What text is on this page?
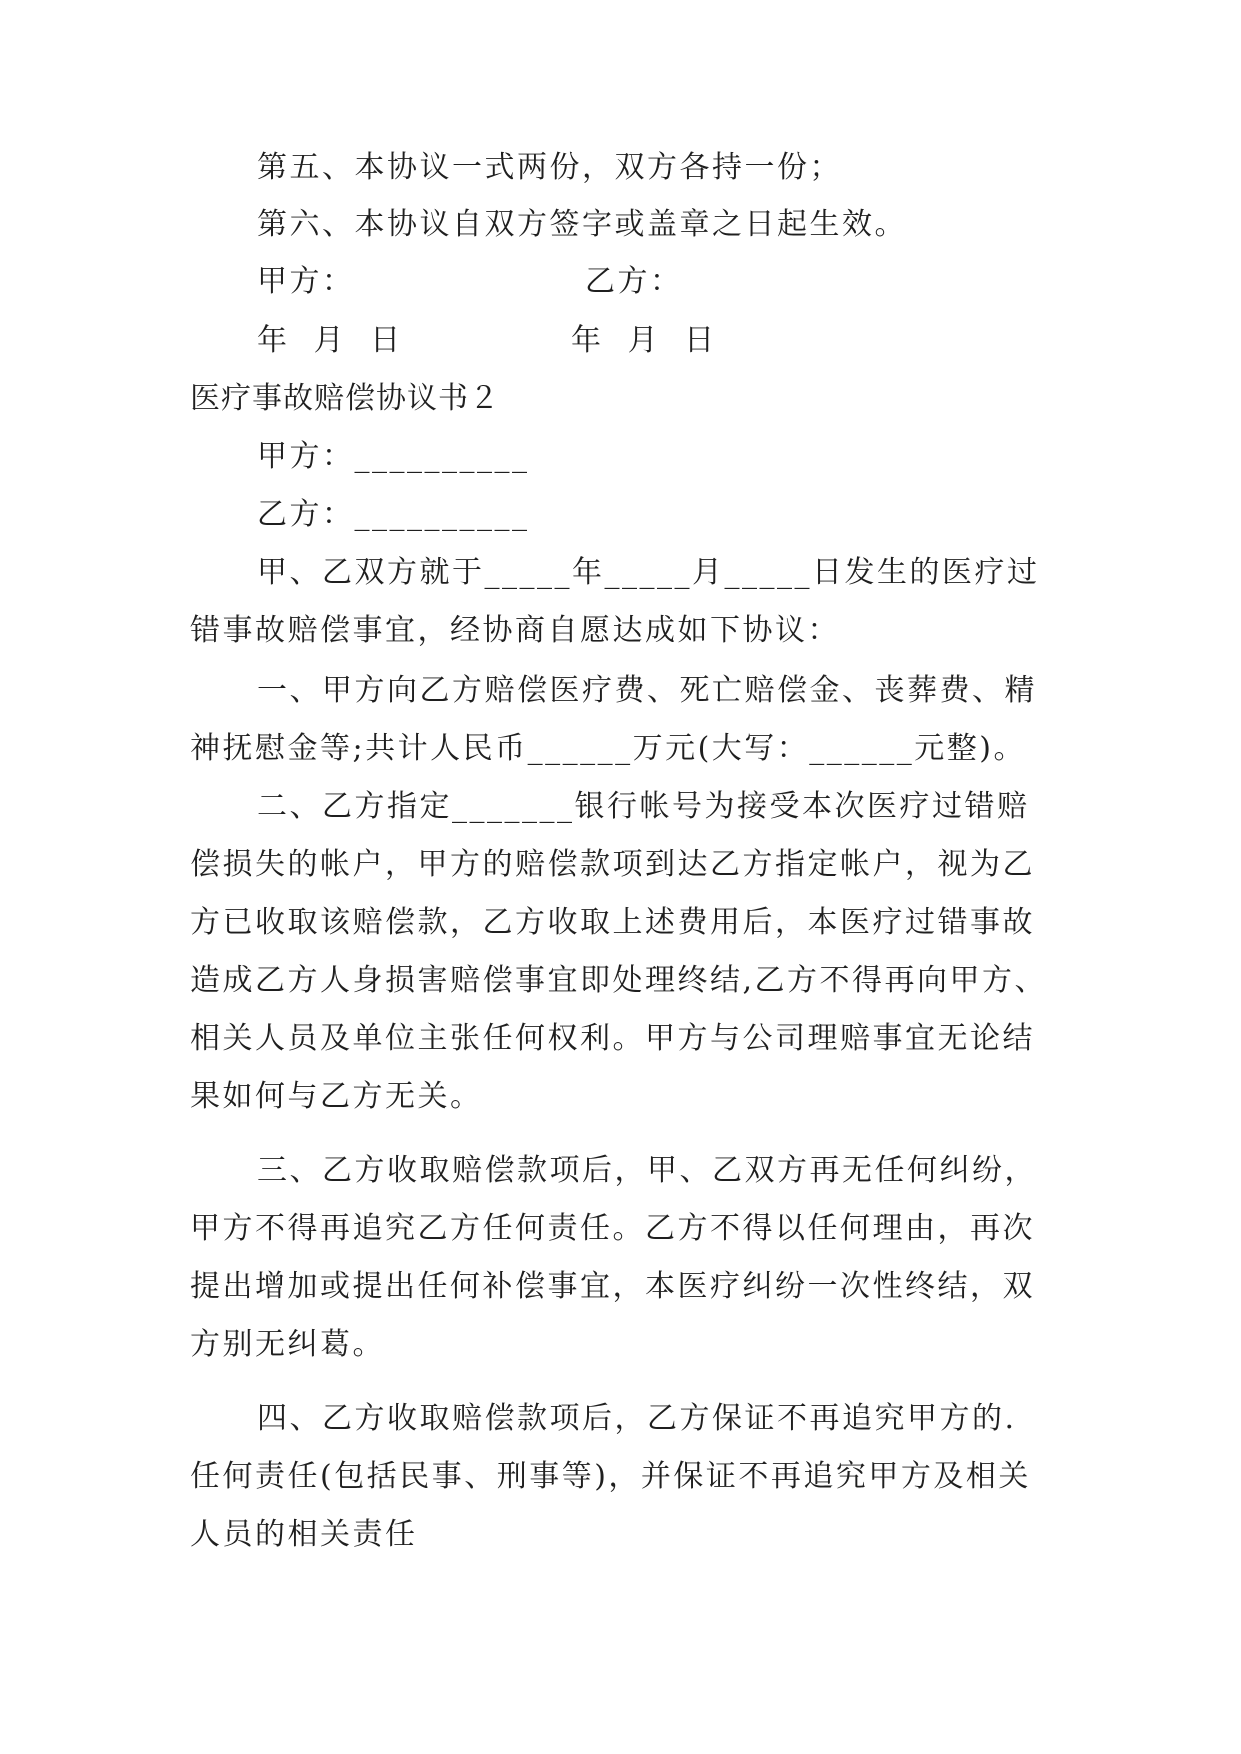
第五、本协议一式两份，双方各持一份；
第六、本协议自双方签字或盖章之日起生效。
甲方：	乙方：
年  月  日	年  月  日
医疗事故赔偿协议书２
甲方：__________
乙方：__________
甲、乙双方就于_____年_____月_____日发生的医疗过
错事故赔偿事宜，经协商自愿达成如下协议：
一、甲方向乙方赔偿医疗费、死亡赔偿金、丧葬费、精
神抚慰金等;共计人民币______万元(大写：______元整)。
二、乙方指定_______银行帐号为接受本次医疗过错赔
偿损失的帐户，甲方的赔偿款项到达乙方指定帐户，视为乙
方已收取该赔偿款，乙方收取上述费用后，本医疗过错事故
造成乙方人身损害赔偿事宜即处理终结,乙方不得再向甲方、
相关人员及单位主张任何权利。甲方与公司理赔事宜无论结
果如何与乙方无关。
三、乙方收取赔偿款项后，甲、乙双方再无任何纠纷，
甲方不得再追究乙方任何责任。乙方不得以任何理由，再次
提出增加或提出任何补偿事宜，本医疗纠纷一次性终结，双
方别无纠葛。
四、乙方收取赔偿款项后，乙方保证不再追究甲方的.
任何责任(包括民事、刑事等)，并保证不再追究甲方及相关
人员的相关责任
